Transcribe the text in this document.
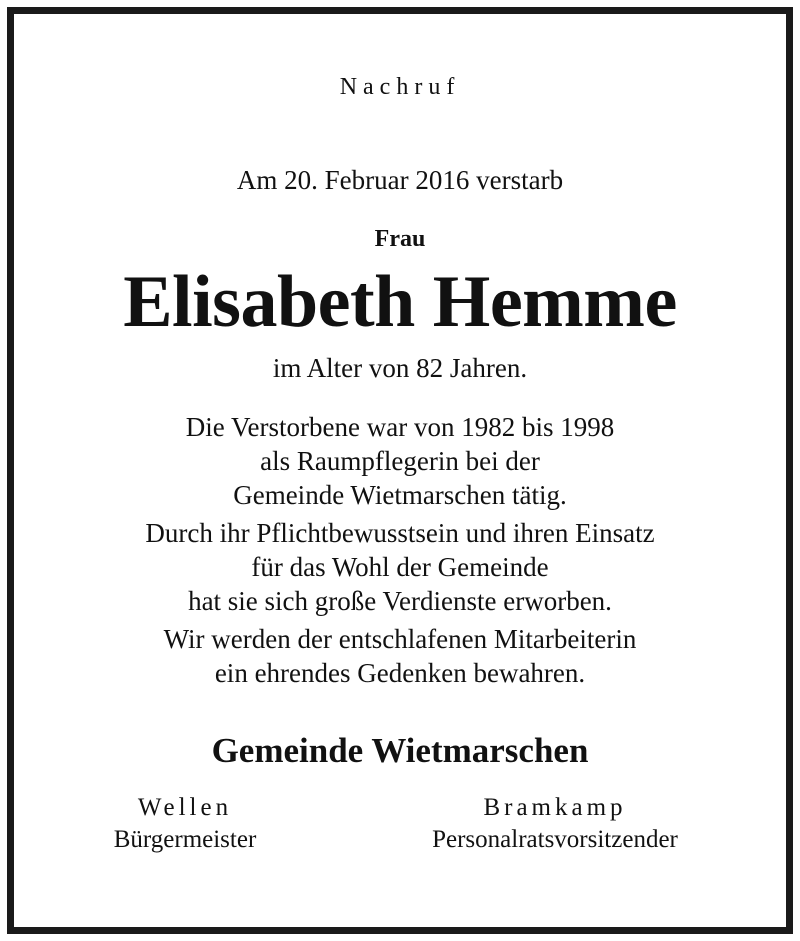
Nachruf
Am 20. Februar 2016 verstarb
Frau
Elisabeth Hemme
im Alter von 82 Jahren.
Die Verstorbene war von 1982 bis 1998
als Raumpflegerin bei der
Gemeinde Wietmarschen tätig.
Durch ihr Pflichtbewusstsein und ihren Einsatz
für das Wohl der Gemeinde
hat sie sich große Verdienste erworben.
Wir werden der entschlafenen Mitarbeiterin
ein ehrendes Gedenken bewahren.
Gemeinde Wietmarschen
Wellen
Bürgermeister
Bramkamp
Personalratsvorsitzender
